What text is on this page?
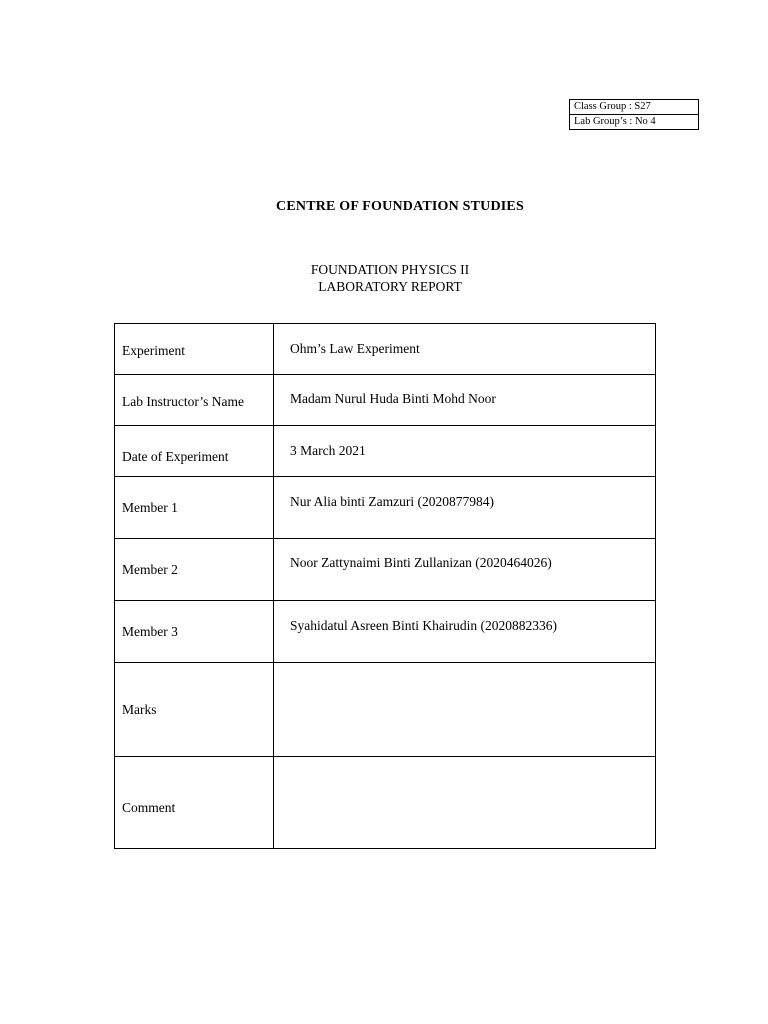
Class Group : S27
Lab Group’s : No 4
CENTRE OF FOUNDATION STUDIES
FOUNDATION PHYSICS II
LABORATORY REPORT
Experiment	Ohm’s Law Experiment

Lab Instructor’s Name	Madam Nurul Huda Binti Mohd Noor

Date of Experiment	3 March 2021

Member 1	Nur Alia binti Zamzuri (2020877984)

Member 2	Noor Zattynaimi Binti Zullanizan (2020464026)

Member 3	Syahidatul Asreen Binti Khairudin (2020882336)

Marks	

Comment	
